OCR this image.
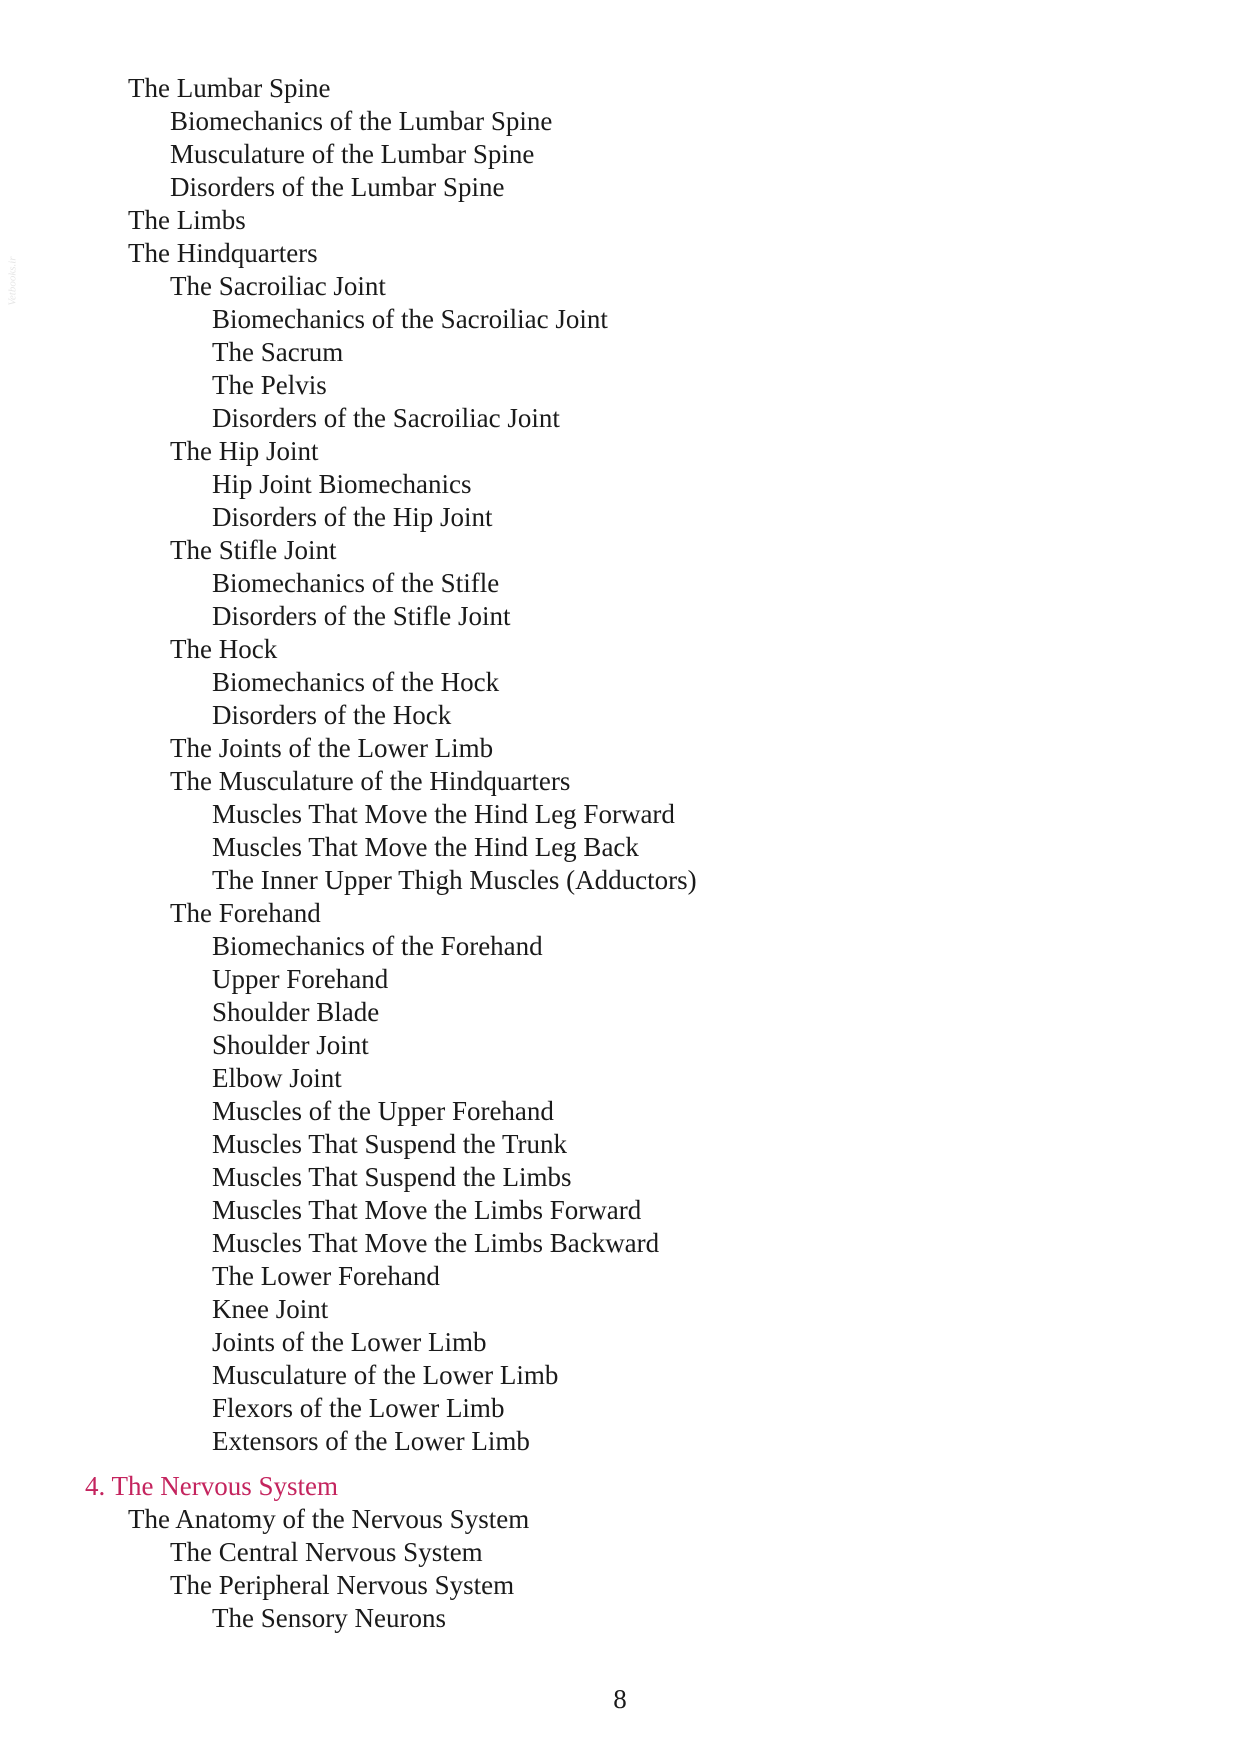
Vetbooks.ir
The Lumbar Spine
Biomechanics of the Lumbar Spine
Musculature of the Lumbar Spine
Disorders of the Lumbar Spine
The Limbs
The Hindquarters
The Sacroiliac Joint
Biomechanics of the Sacroiliac Joint
The Sacrum
The Pelvis
Disorders of the Sacroiliac Joint
The Hip Joint
Hip Joint Biomechanics
Disorders of the Hip Joint
The Stifle Joint
Biomechanics of the Stifle
Disorders of the Stifle Joint
The Hock
Biomechanics of the Hock
Disorders of the Hock
The Joints of the Lower Limb
The Musculature of the Hindquarters
Muscles That Move the Hind Leg Forward
Muscles That Move the Hind Leg Back
The Inner Upper Thigh Muscles (Adductors)
The Forehand
Biomechanics of the Forehand
Upper Forehand
Shoulder Blade
Shoulder Joint
Elbow Joint
Muscles of the Upper Forehand
Muscles That Suspend the Trunk
Muscles That Suspend the Limbs
Muscles That Move the Limbs Forward
Muscles That Move the Limbs Backward
The Lower Forehand
Knee Joint
Joints of the Lower Limb
Musculature of the Lower Limb
Flexors of the Lower Limb
Extensors of the Lower Limb
4. The Nervous System
The Anatomy of the Nervous System
The Central Nervous System
The Peripheral Nervous System
The Sensory Neurons
8
